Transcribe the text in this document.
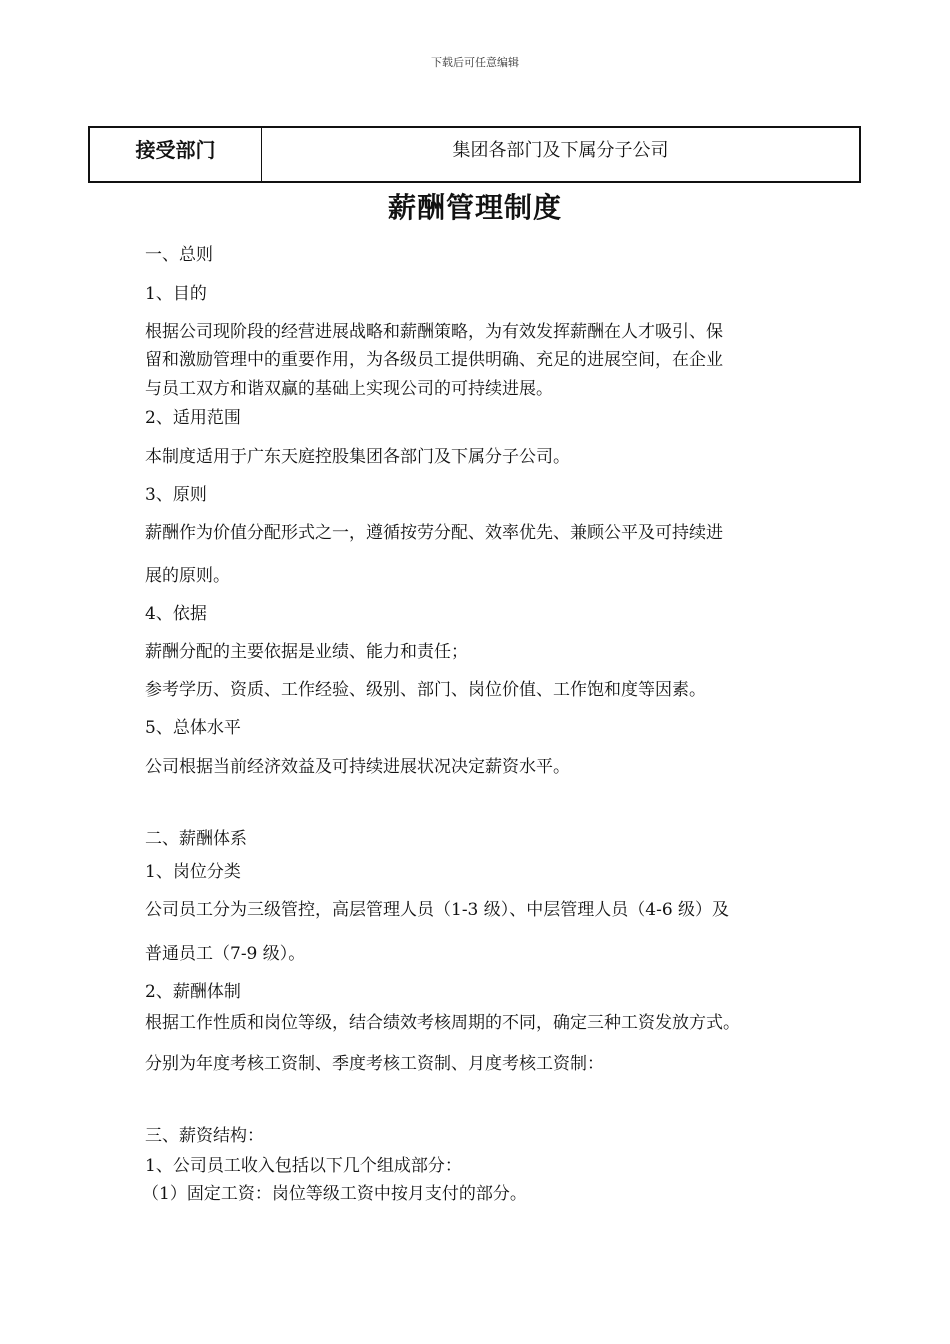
下载后可任意编辑
接受部门	集团各部门及下属分子公司
薪酬管理制度
一、总则
1、目的
根据公司现阶段的经营进展战略和薪酬策略，为有效发挥薪酬在人才吸引、保
留和激励管理中的重要作用，为各级员工提供明确、充足的进展空间，在企业
与员工双方和谐双赢的基础上实现公司的可持续进展。
2、适用范围
本制度适用于广东天庭控股集团各部门及下属分子公司。
3、原则
薪酬作为价值分配形式之一，遵循按劳分配、效率优先、兼顾公平及可持续进
展的原则。
4、依据
薪酬分配的主要依据是业绩、能力和责任；
参考学历、资质、工作经验、级别、部门、岗位价值、工作饱和度等因素。
5、总体水平
公司根据当前经济效益及可持续进展状况决定薪资水平。
二、薪酬体系
1、岗位分类
公司员工分为三级管控，高层管理人员（1-3 级）、中层管理人员（4-6 级）及
普通员工（7-9 级）。
2、薪酬体制
根据工作性质和岗位等级，结合绩效考核周期的不同，确定三种工资发放方式。
分别为年度考核工资制、季度考核工资制、月度考核工资制：
三、薪资结构：
1、公司员工收入包括以下几个组成部分：
（1）固定工资：岗位等级工资中按月支付的部分。
